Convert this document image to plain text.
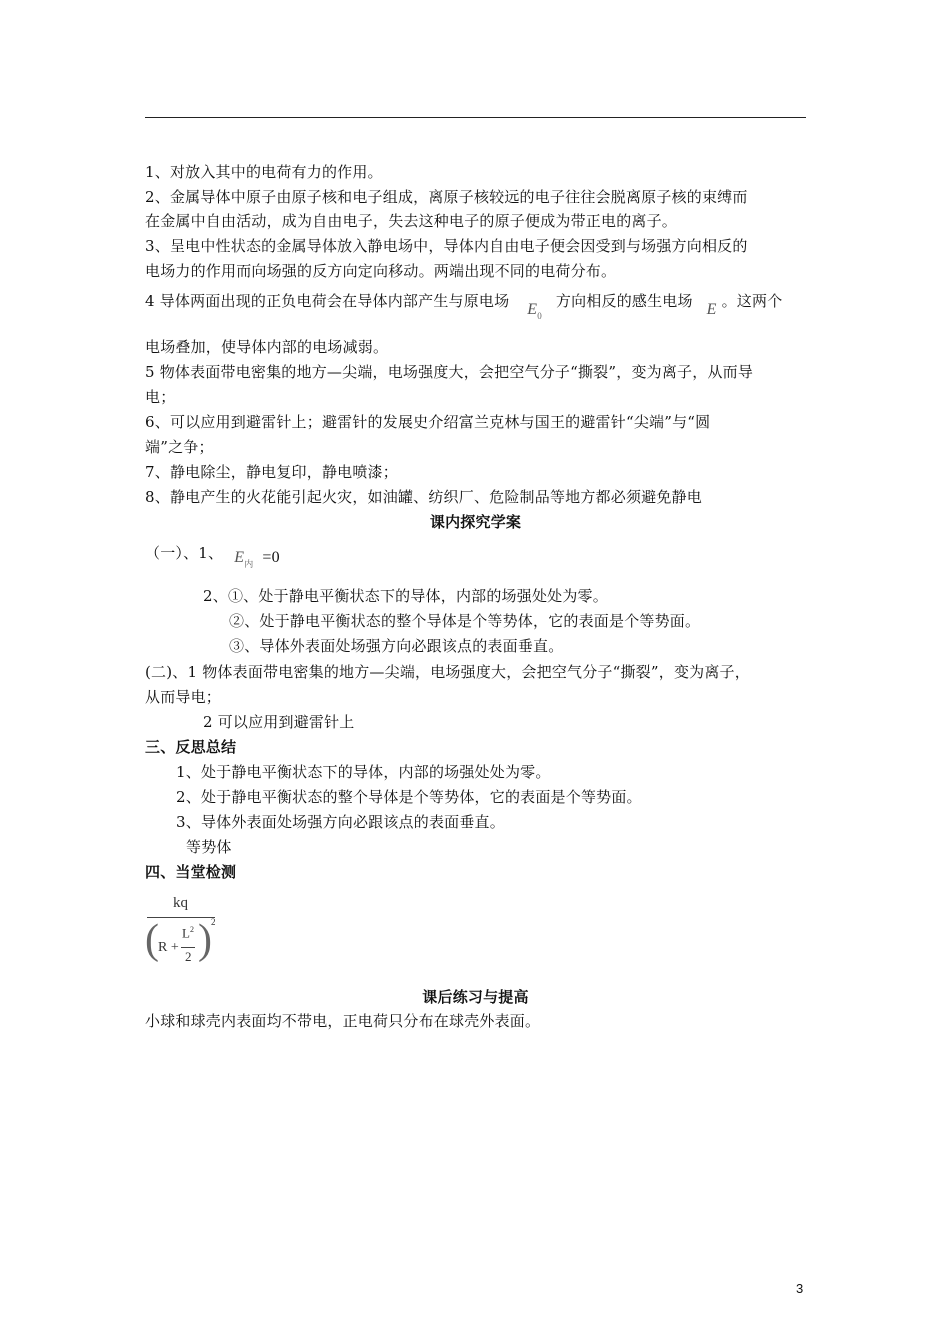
1、对放入其中的电荷有力的作用。
2、金属导体中原子由原子核和电子组成，离原子核较远的电子往往会脱离原子核的束缚而
在金属中自由活动，成为自由电子，失去这种电子的原子便成为带正电的离子。
3、呈电中性状态的金属导体放入静电场中，导体内自由电子便会因受到与场强方向相反的
电场力的作用而向场强的反方向定向移动。两端出现不同的电荷分布。
4 导体两面出现的正负电荷会在导体内部产生与原电场 $E_0$  方向相反的感生电场 E 。这两个
电场叠加，使导体内部的电场减弱。
5 物体表面带电密集的地方—尖端，电场强度大，会把空气分子“撕裂”，变为离子，从而导
电；
6、可以应用到避雷针上；避雷针的发展史介绍富兰克林与国王的避雷针“尖端”与“圆
端”之争；
7、静电除尘，静电复印，静电喷漆；
8、静电产生的火花能引起火灾，如油罐、纺织厂、危险制品等地方都必须避免静电
课内探究学案
（一）、1、 $E_内 =0$
2、①、处于静电平衡状态下的导体，内部的场强处处为零。
②、处于静电平衡状态的整个导体是个等势体，它的表面是个等势面。
③、导体外表面处场强方向必跟该点的表面垂直。
(二)、1 物体表面带电密集的地方—尖端，电场强度大，会把空气分子“撕裂”，变为离子，
从而导电；
2 可以应用到避雷针上
三、反思总结
1、处于静电平衡状态下的导体，内部的场强处处为零。
2、处于静电平衡状态的整个导体是个等势体，它的表面是个等势面。
3、导体外表面处场强方向必跟该点的表面垂直。
等势体
四、当堂检测
kq
( R +
$L^2$
2 ) 2
课后练习与提高
小球和球壳内表面均不带电，正电荷只分布在球壳外表面。
3
